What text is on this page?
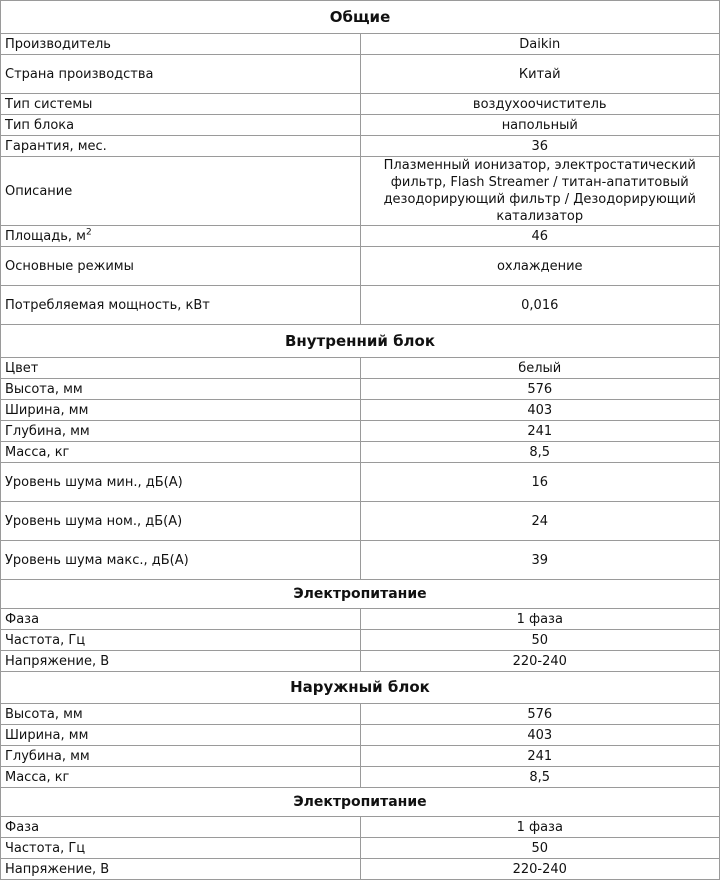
Общие	
Производитель	Daikin
Страна производства	Китай
Тип системы	воздухоочиститель
Тип блока	напольный
Гарантия, мес.	36
Описание	Плазменный ионизатор, электростатический фильтр, Flash Streamer / титан-апатитовый дезодорирующий фильтр / Дезодорирующий катализатор
Площадь, $м^2$	46
Основные режимы	охлаждение
Потребляемая мощность, кВт	0,016
Внутренний блок	
Цвет	белый
Высота, мм	576
Ширина, мм	403
Глубина, мм	241
Масса, кг	8,5
Уровень шума мин., дБ(А)	16
Уровень шума ном., дБ(А)	24
Уровень шума макс., дБ(А)	39
Электропитание	
Фаза	1 фаза
Частота, Гц	50
Напряжение, В	220-240
Наружный блок	
Высота, мм	576
Ширина, мм	403
Глубина, мм	241
Масса, кг	8,5
Электропитание	
Фаза	1 фаза
Частота, Гц	50
Напряжение, В	220-240
